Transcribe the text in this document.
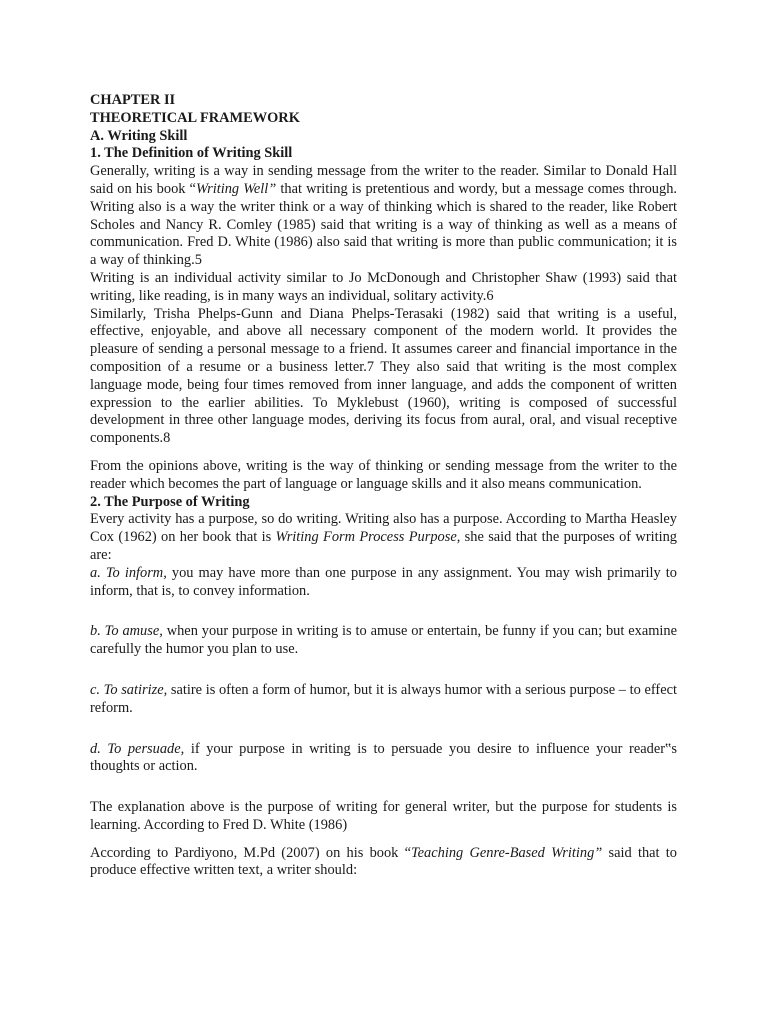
CHAPTER II
THEORETICAL FRAMEWORK
A. Writing Skill
1. The Definition of Writing Skill

Generally, writing is a way in sending message from the writer to the reader. Similar to Donald Hall said on his book “Writing Well” that writing is pretentious and wordy, but a message comes through. Writing also is a way the writer think or a way of thinking which is shared to the reader, like Robert Scholes and Nancy R. Comley (1985) said that writing is a way of thinking as well as a means of communication. Fred D. White (1986) also said that writing is more than public communication; it is a way of thinking.5

Writing is an individual activity similar to Jo McDonough and Christopher Shaw (1993) said that writing, like reading, is in many ways an individual, solitary activity.6

Similarly, Trisha Phelps-Gunn and Diana Phelps-Terasaki (1982) said that writing is a useful, effective, enjoyable, and above all necessary component of the modern world. It provides the pleasure of sending a personal message to a friend. It assumes career and financial importance in the composition of a resume or a business letter.7 They also said that writing is the most complex language mode, being four times removed from inner language, and adds the component of written expression to the earlier abilities. To Myklebust (1960), writing is composed of successful development in three other language modes, deriving its focus from aural, oral, and visual receptive components.8

From the opinions above, writing is the way of thinking or sending message from the writer to the reader which becomes the part of language or language skills and it also means communication.

2. The Purpose of Writing

Every activity has a purpose, so do writing. Writing also has a purpose. According to Martha Heasley Cox (1962) on her book that is Writing Form Process Purpose, she said that the purposes of writing are:

a. To inform, you may have more than one purpose in any assignment. You may wish primarily to inform, that is, to convey information.

b. To amuse, when your purpose in writing is to amuse or entertain, be funny if you can; but examine carefully the humor you plan to use.

c. To satirize, satire is often a form of humor, but it is always humor with a serious purpose – to effect reform.

d. To persuade, if your purpose in writing is to persuade you desire to influence your reader‟s thoughts or action.

The explanation above is the purpose of writing for general writer, but the purpose for students is learning. According to Fred D. White (1986)

According to Pardiyono, M.Pd (2007) on his book “Teaching Genre-Based Writing” said that to produce effective written text, a writer should:
